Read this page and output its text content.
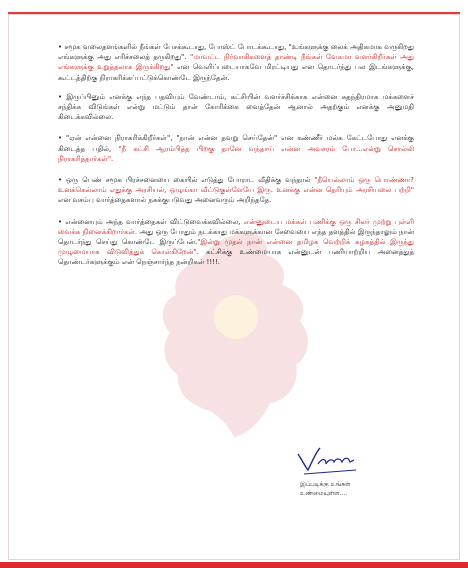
• சமூக வலைதளங்களில் நீங்கள் பேசக்கூடாது, போஸ்ட் போடக்கூடாது, "உங்களுக்கு லைக் அதிகமாக வருகிறது எங்களுக்கு அது எரிச்சலைத் தருகிறது". "மாவட்ட நிர்வாகிகளைத் தாண்டி நீங்கள் வேகமா வளர்கிறீர்கள் அது எங்களுக்கு உறுத்தலாக இருக்கிறது" என வெளிப்படையாகவே மிரட்டியது என தொடர்ந்து பல இடங்களுக்கு, கூட்டத்திற்கு நிராகரிக்கப்பட்டுக்கொண்டே இருந்தேன்.

• இருப்பினும் எனக்கு எந்த பதவியும் வேண்டாம், கட்சியின் வளர்ச்சிக்காக என்னை சுதந்திரமாக மக்களைச் சந்திக்க விடுங்கள் என்று மட்டும் தான் கோரிக்கை வைத்தேன் ஆனால் அதற்கும் எனக்கு அனுமதி கிடைக்கவில்லை.

• "ஏன் என்னை நிராகரிக்கிறீர்கள்", "நான் என்ன தவறு செய்தேன்" என கண்ணீர் மல்க கேட்டபோது எனக்கு கிடைத்த பதில், "நீ கட்சி ஆரம்பித்த பிறகு தானே வந்தாய் என்ன அவசரம் போ...என்று சொல்லி நிராகரித்தார்கள்".

• ஒரு பெண் சமூக பிரச்சனையை கையில் எடுத்து போராட வீதிக்கு வந்தால் "நீயெல்லாம் ஒரு பொண்ணா? உனக்கெல்லாம் எதுக்கு அரசியல், ஒழுங்கா வீட்டுகுள்ளேயே இரு. உனக்கு என்ன தெரியும் அரசியலை பற்றி" என வசம்பு வார்த்தைகளால் நசுக்குபடுவது அனைவரும் அறிந்ததே.

• என்னையும் அந்த வார்த்தைகள் விட்டுவைக்கவில்லை, என்னுடைய மக்கள் பணிக்கு ஒரு சிலர் முற்று புள்ளி வைக்க நினைக்கிறார்கள். அது ஒரு போதும் நடக்காது மக்களுக்கான சேவையை எந்த தளத்தில் இருந்தாலும் நான் தொடர்ந்து செய்து கொண்டே இருப்பேன்."இன்று முதல் நான் என்னை தமிழக வெற்றிக் கழகத்தில் இருந்து முழுமையாக விடுவித்துக் கொள்கிறேன்". கட்சிக்கு உண்மையாக என்னுடன் பணியாற்றிய அனைத்துத் தொண்டர்களுக்கும் என் நெஞ்சார்ந்த நன்றிகள் !!!!.

இப்படிக்கு உங்கள்
உண்மையுள்ள....
